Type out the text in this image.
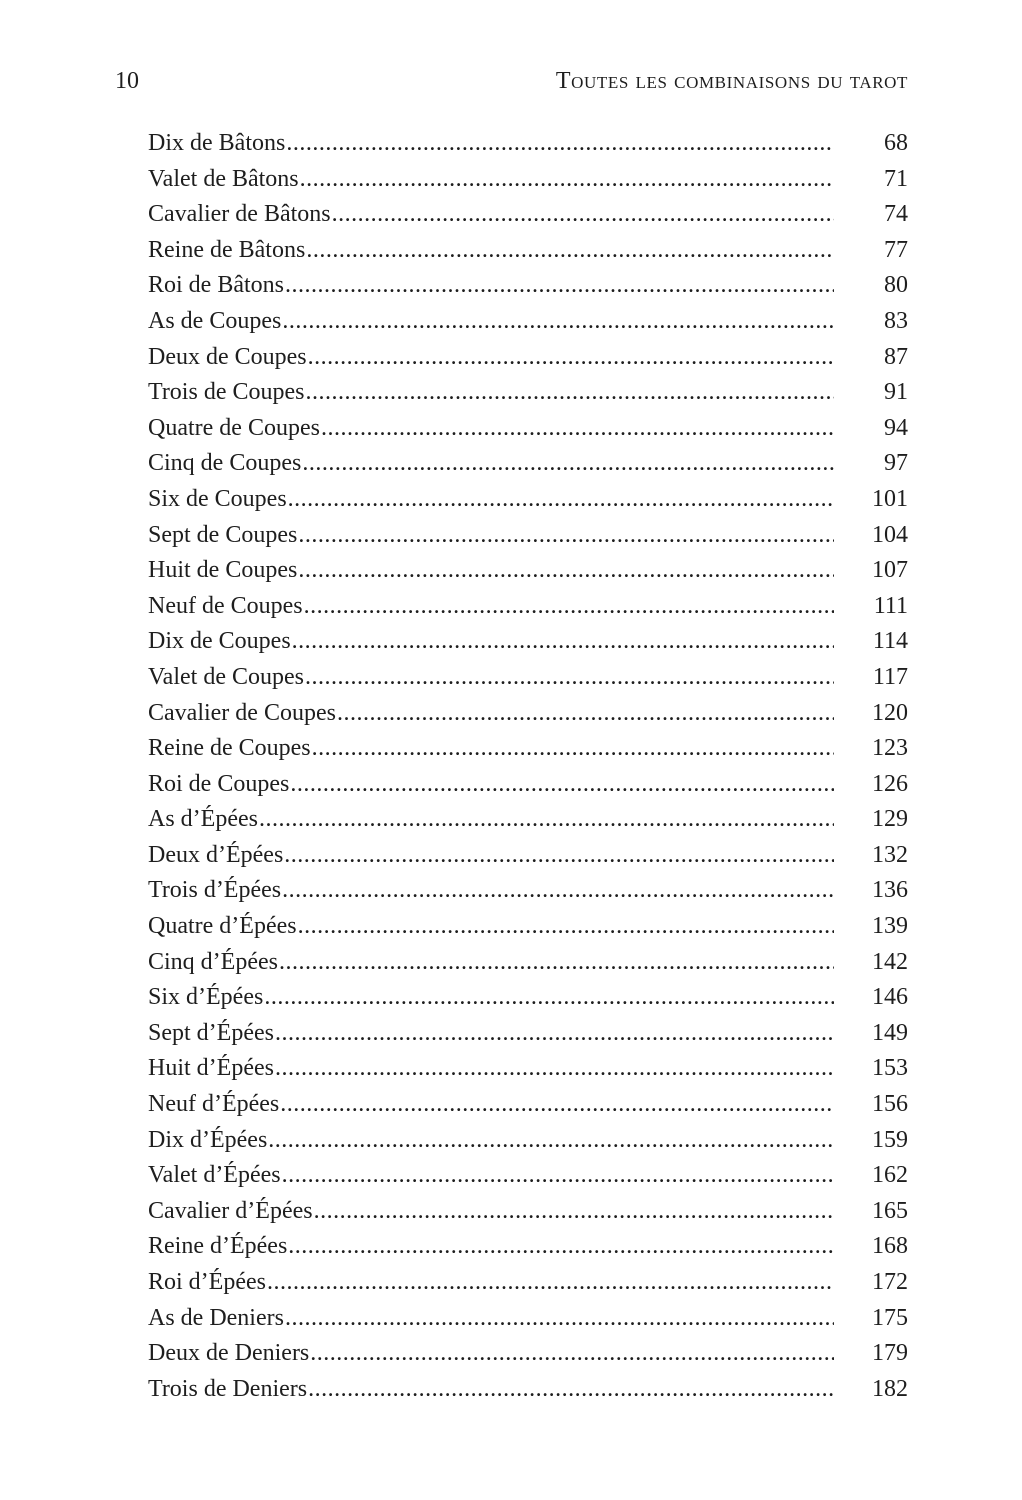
10	Toutes les combinaisons du tarot
Dix de Bâtons .....	68
Valet de Bâtons .....	71
Cavalier de Bâtons .....	74
Reine de Bâtons .....	77
Roi de Bâtons .....	80
As de Coupes .....	83
Deux de Coupes .....	87
Trois de Coupes .....	91
Quatre de Coupes .....	94
Cinq de Coupes .....	97
Six de Coupes .....	101
Sept de Coupes .....	104
Huit de Coupes .....	107
Neuf de Coupes .....	111
Dix de Coupes .....	114
Valet de Coupes .....	117
Cavalier de Coupes .....	120
Reine de Coupes .....	123
Roi de Coupes .....	126
As d’Épées .....	129
Deux d’Épées .....	132
Trois d’Épées .....	136
Quatre d’Épées .....	139
Cinq d’Épées .....	142
Six d’Épées .....	146
Sept d’Épées .....	149
Huit d’Épées .....	153
Neuf d’Épées .....	156
Dix d’Épées .....	159
Valet d’Épées .....	162
Cavalier d’Épées .....	165
Reine d’Épées .....	168
Roi d’Épées .....	172
As de Deniers .....	175
Deux de Deniers .....	179
Trois de Deniers .....	182
